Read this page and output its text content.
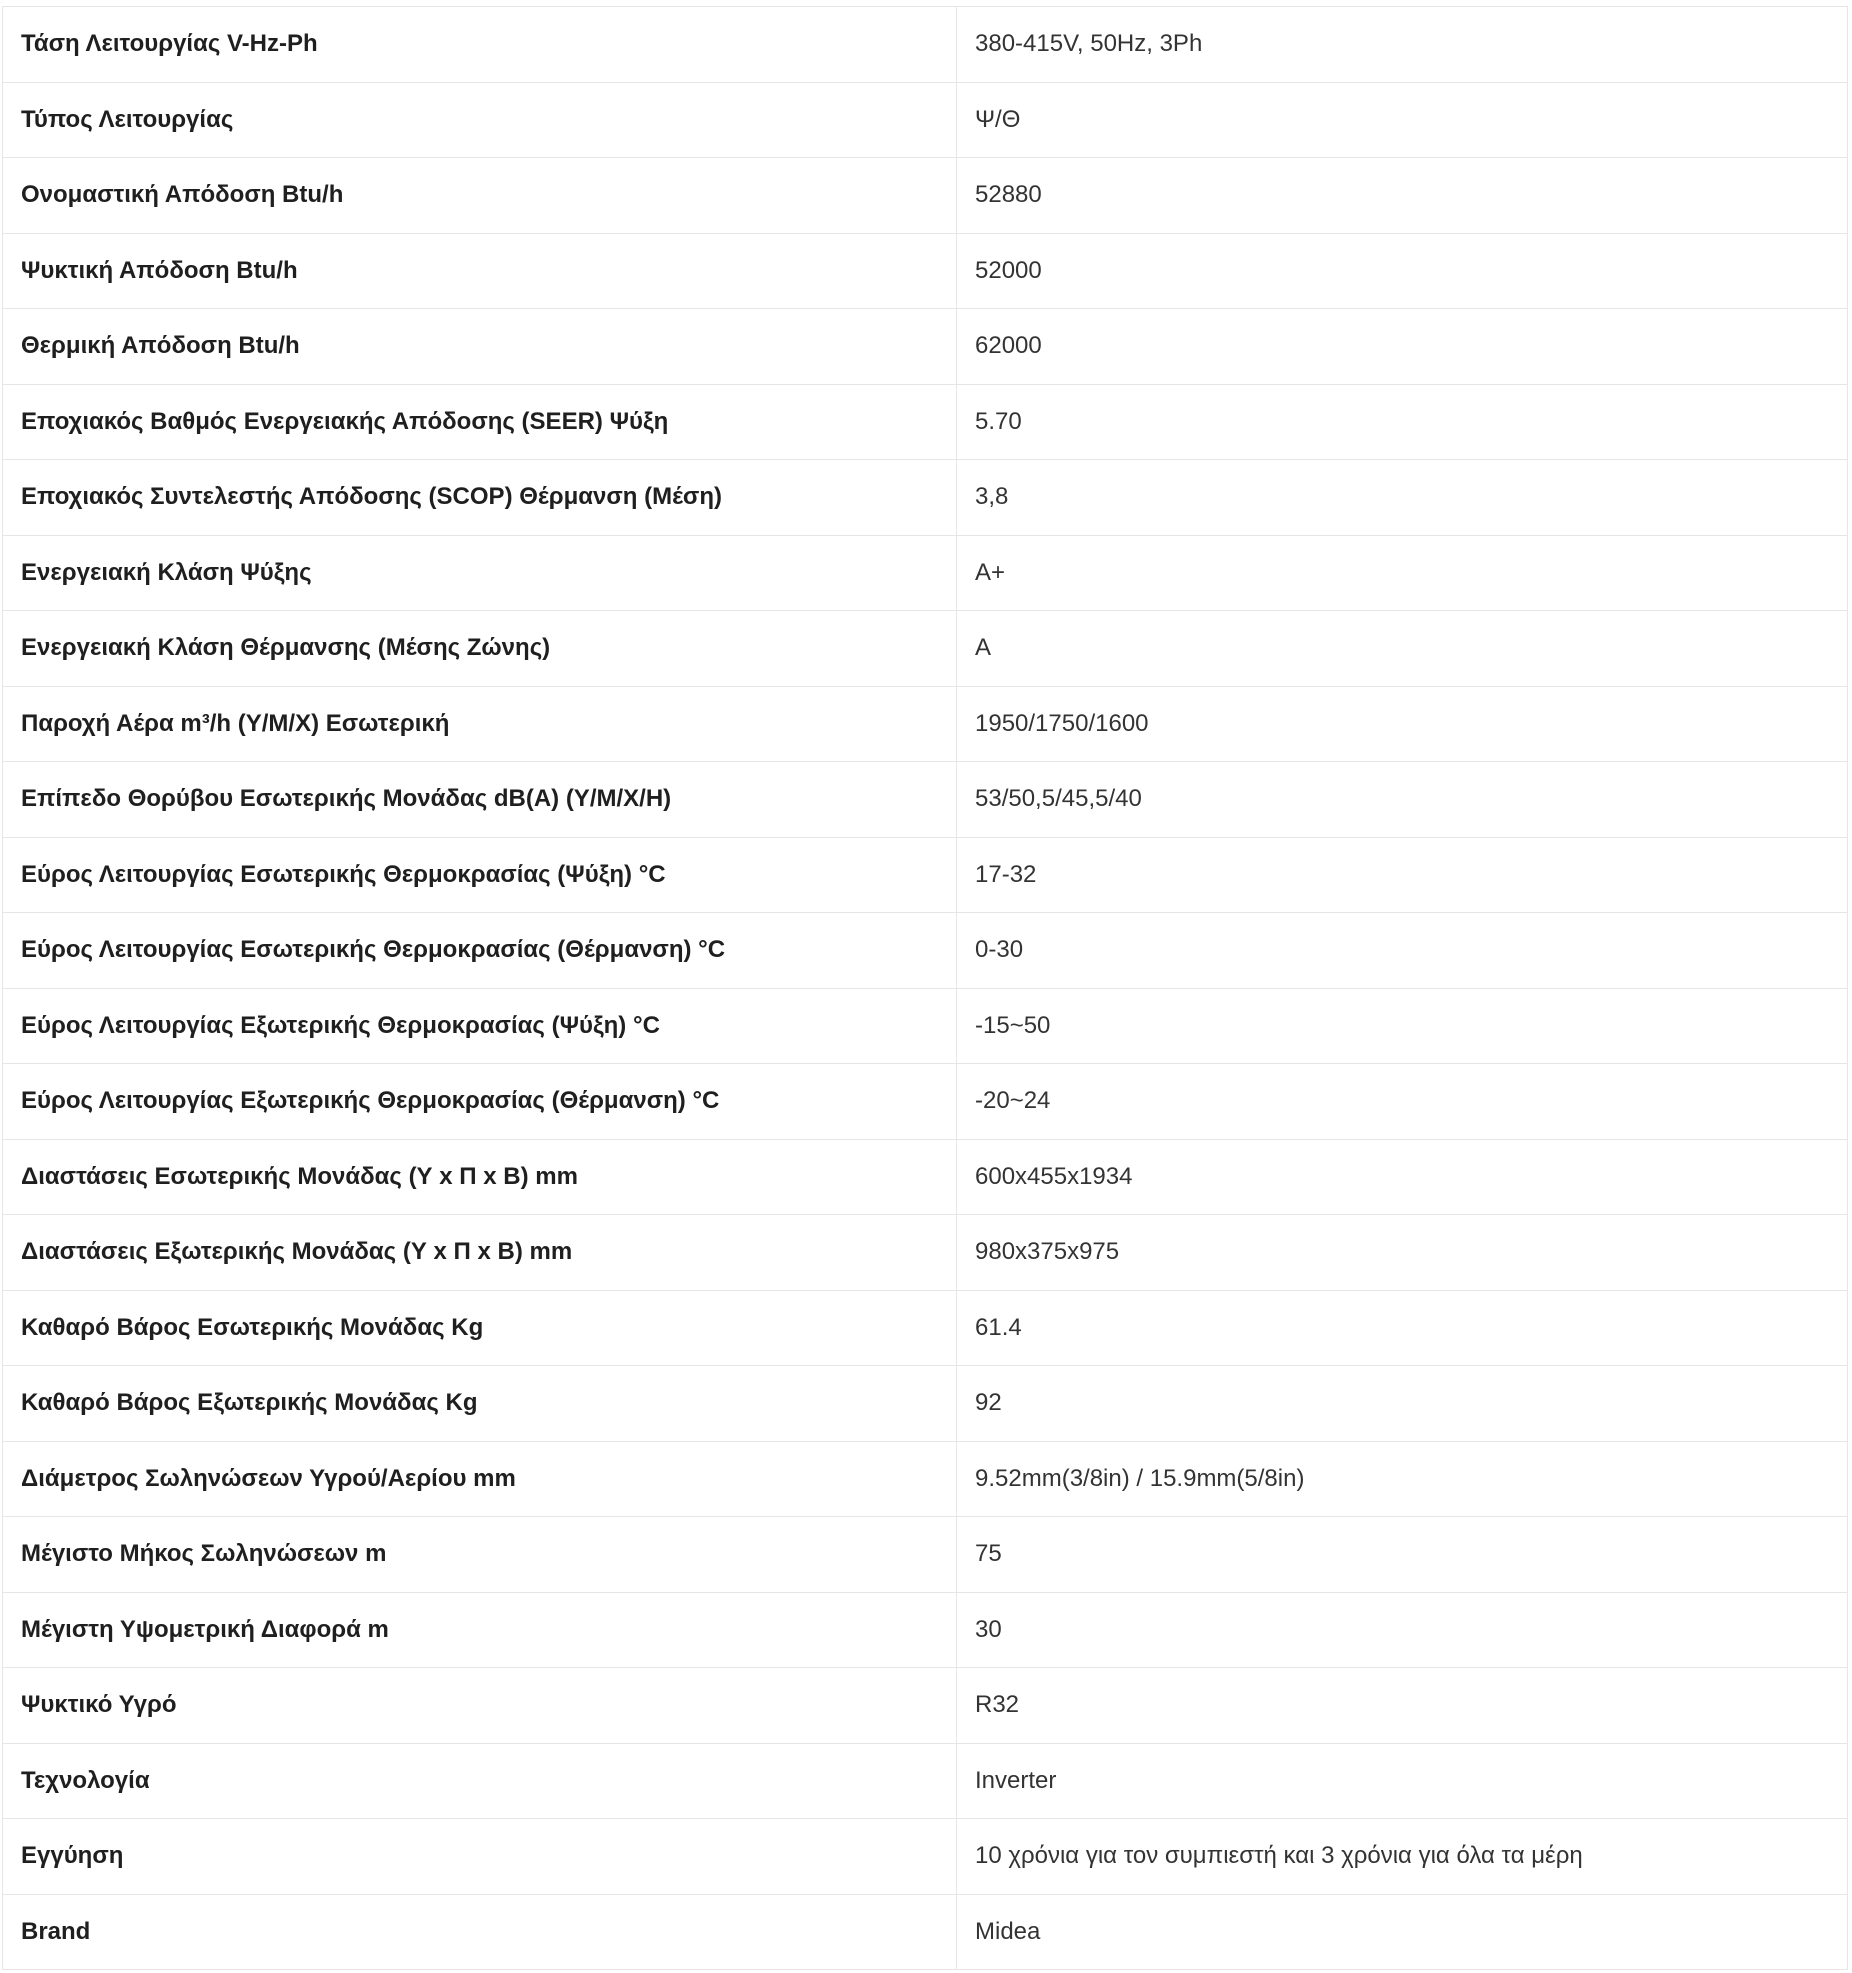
Τάση Λειτουργίας V-Hz-Ph	380-415V, 50Hz, 3Ph
Τύπος Λειτουργίας	Ψ/Θ
Ονομαστική Απόδοση Btu/h	52880
Ψυκτική Απόδοση Btu/h	52000
Θερμική Απόδοση Btu/h	62000
Εποχιακός Βαθμός Ενεργειακής Απόδοσης (SEER) Ψύξη	5.70
Εποχιακός Συντελεστής Απόδοσης (SCOP) Θέρμανση (Μέση)	3,8
Ενεργειακή Κλάση Ψύξης	A+
Ενεργειακή Κλάση Θέρμανσης (Μέσης Ζώνης)	A
Παροχή Αέρα m³/h (Υ/Μ/Χ) Εσωτερική	1950/1750/1600
Επίπεδο Θορύβου Εσωτερικής Μονάδας dB(A) (Υ/Μ/Χ/Η)	53/50,5/45,5/40
Εύρος Λειτουργίας Εσωτερικής Θερμοκρασίας (Ψύξη) °C	17-32
Εύρος Λειτουργίας Εσωτερικής Θερμοκρασίας (Θέρμανση) °C	0-30
Εύρος Λειτουργίας Εξωτερικής Θερμοκρασίας (Ψύξη) °C	-15~50
Εύρος Λειτουργίας Εξωτερικής Θερμοκρασίας (Θέρμανση) °C	-20~24
Διαστάσεις Εσωτερικής Μονάδας (Υ x Π x Β) mm	600x455x1934
Διαστάσεις Εξωτερικής Μονάδας (Υ x Π x Β) mm	980x375x975
Καθαρό Βάρος Εσωτερικής Μονάδας Kg	61.4
Καθαρό Βάρος Εξωτερικής Μονάδας Kg	92
Διάμετρος Σωληνώσεων Υγρού/Αερίου mm	9.52mm(3/8in) / 15.9mm(5/8in)
Μέγιστο Μήκος Σωληνώσεων m	75
Μέγιστη Υψομετρική Διαφορά m	30
Ψυκτικό Υγρό	R32
Τεχνολογία	Inverter
Εγγύηση	10 χρόνια για τον συμπιεστή και 3 χρόνια για όλα τα μέρη
Brand	Midea
